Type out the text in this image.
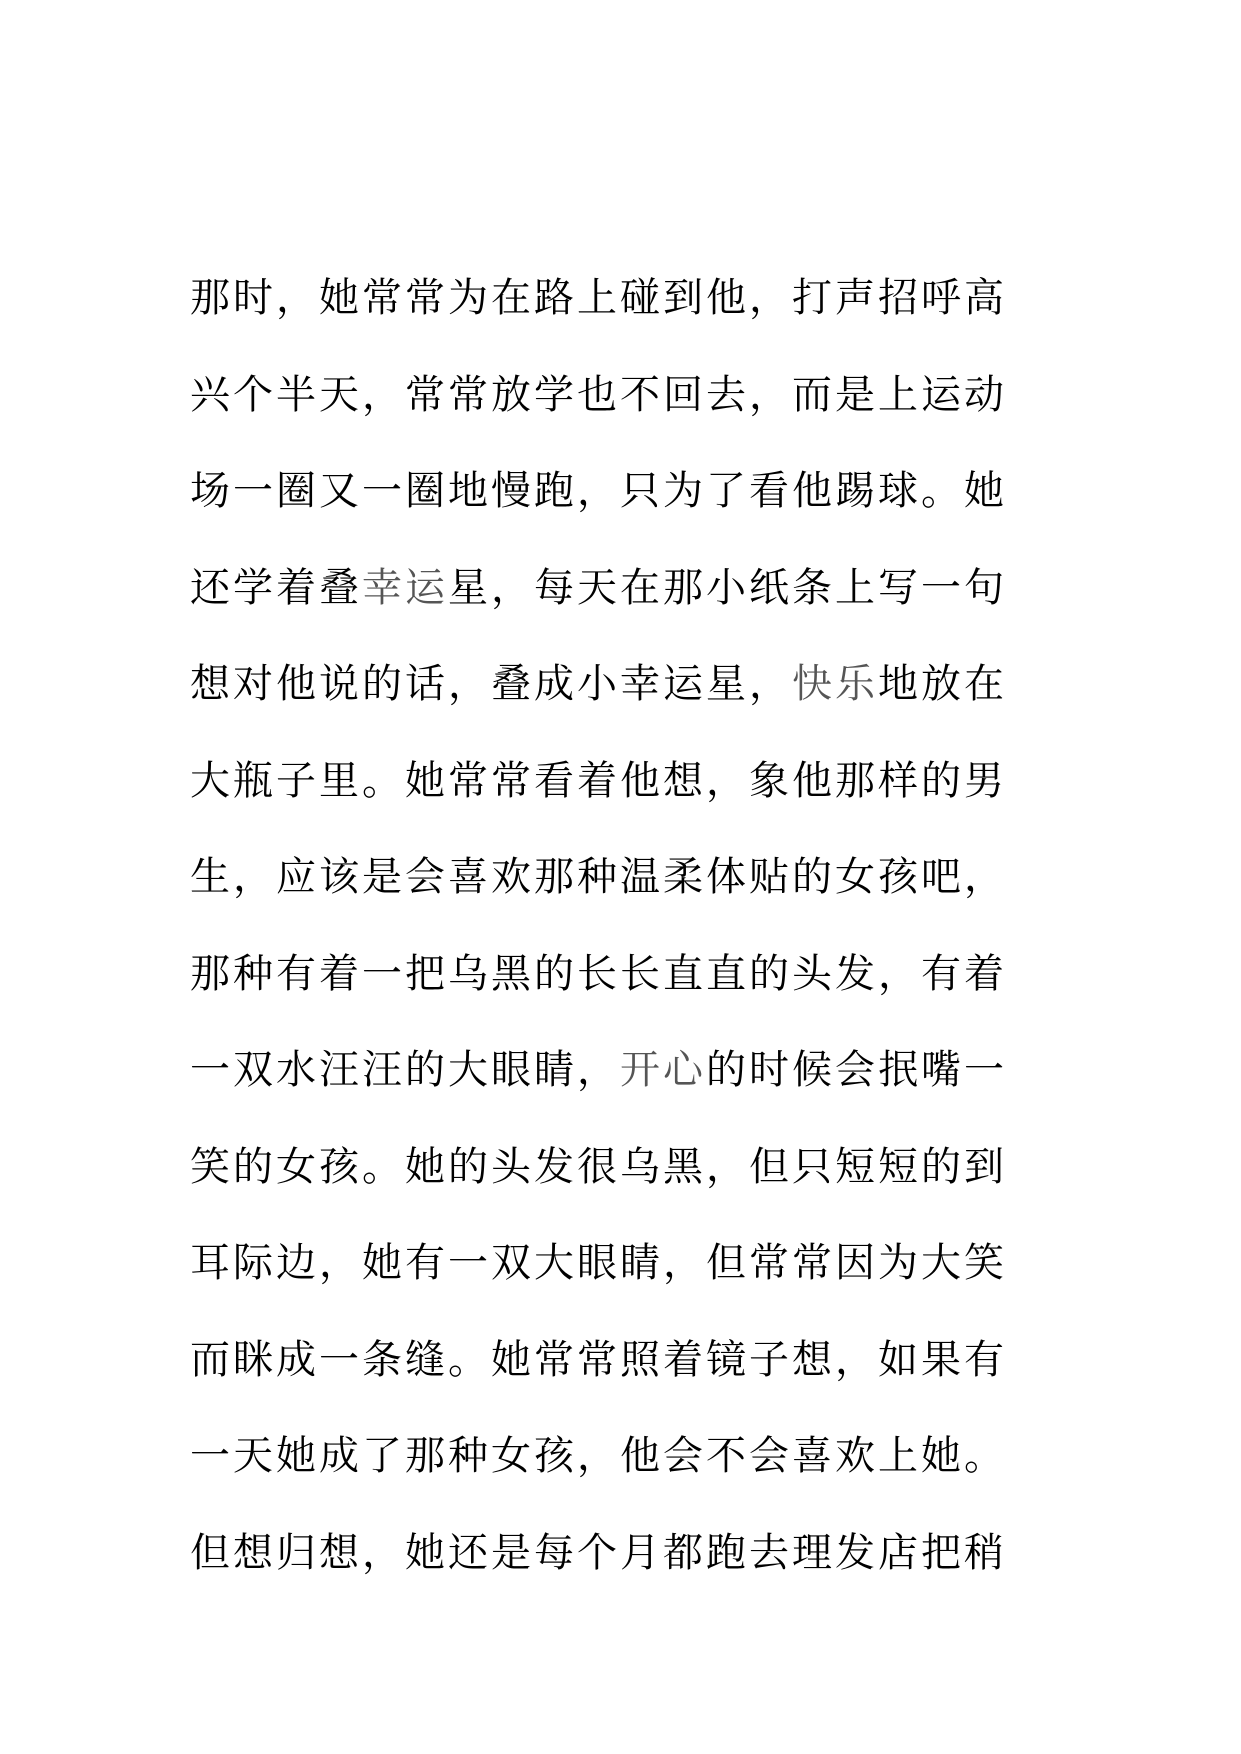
那时，她常常为在路上碰到他，打声招呼高
兴个半天，常常放学也不回去，而是上运动
场一圈又一圈地慢跑，只为了看他踢球。她
还学着叠幸运星，每天在那小纸条上写一句
想对他说的话，叠成小幸运星，快乐地放在
大瓶子里。她常常看着他想，象他那样的男
生，应该是会喜欢那种温柔体贴的女孩吧，
那种有着一把乌黑的长长直直的头发，有着
一双水汪汪的大眼睛，开心的时候会抿嘴一
笑的女孩。她的头发很乌黑，但只短短的到
耳际边，她有一双大眼睛，但常常因为大笑
而眯成一条缝。她常常照着镜子想，如果有
一天她成了那种女孩，他会不会喜欢上她。
但想归想，她还是每个月都跑去理发店把稍
